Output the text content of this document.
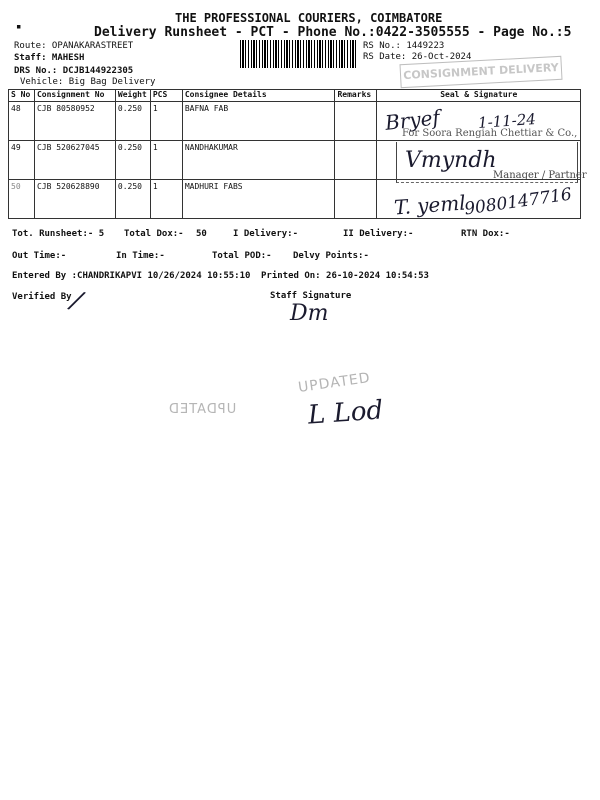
▪
THE PROFESSIONAL COURIERS, COIMBATORE
Delivery Runsheet - PCT - Phone No.:0422-3505555 - Page No.:5
Route: OPANAKARASTREET
Staff: MAHESH
DRS No.: DCJB144922305
Vehicle: Big Bag Delivery
RS No.: 1449223
RS Date: 26-Oct-2024
CONSIGNMENT DELIVERY
S No	Consignment No	Weight	PCS	Consignee Details	Remarks	Seal & Signature
48	CJB 80580952	0.250	1	BAFNA FAB		
49	CJB 520627045	0.250	1	NANDHAKUMAR		
50	CJB 520628890	0.250	1	MADHURI FABS		
Bryef 1-11-24
For Soora Rengiah Chettiar & Co.,
Vmyndh
Manager / Partner
T. yeml
9080147716
Tot. Runsheet:- 5 Total Dox:- 50	I Delivery:-	II Delivery:-	RTN Dox:-
Out Time:-	In Time:-	Total POD:- Delvy Points:-
Entered By :CHANDRIKAPVI 10/26/2024 10:55:10 Printed On: 26-10-2024 10:54:53
Verified By
/	Staff Signature
Dm
UPDATED
UPDATED	L Lod
